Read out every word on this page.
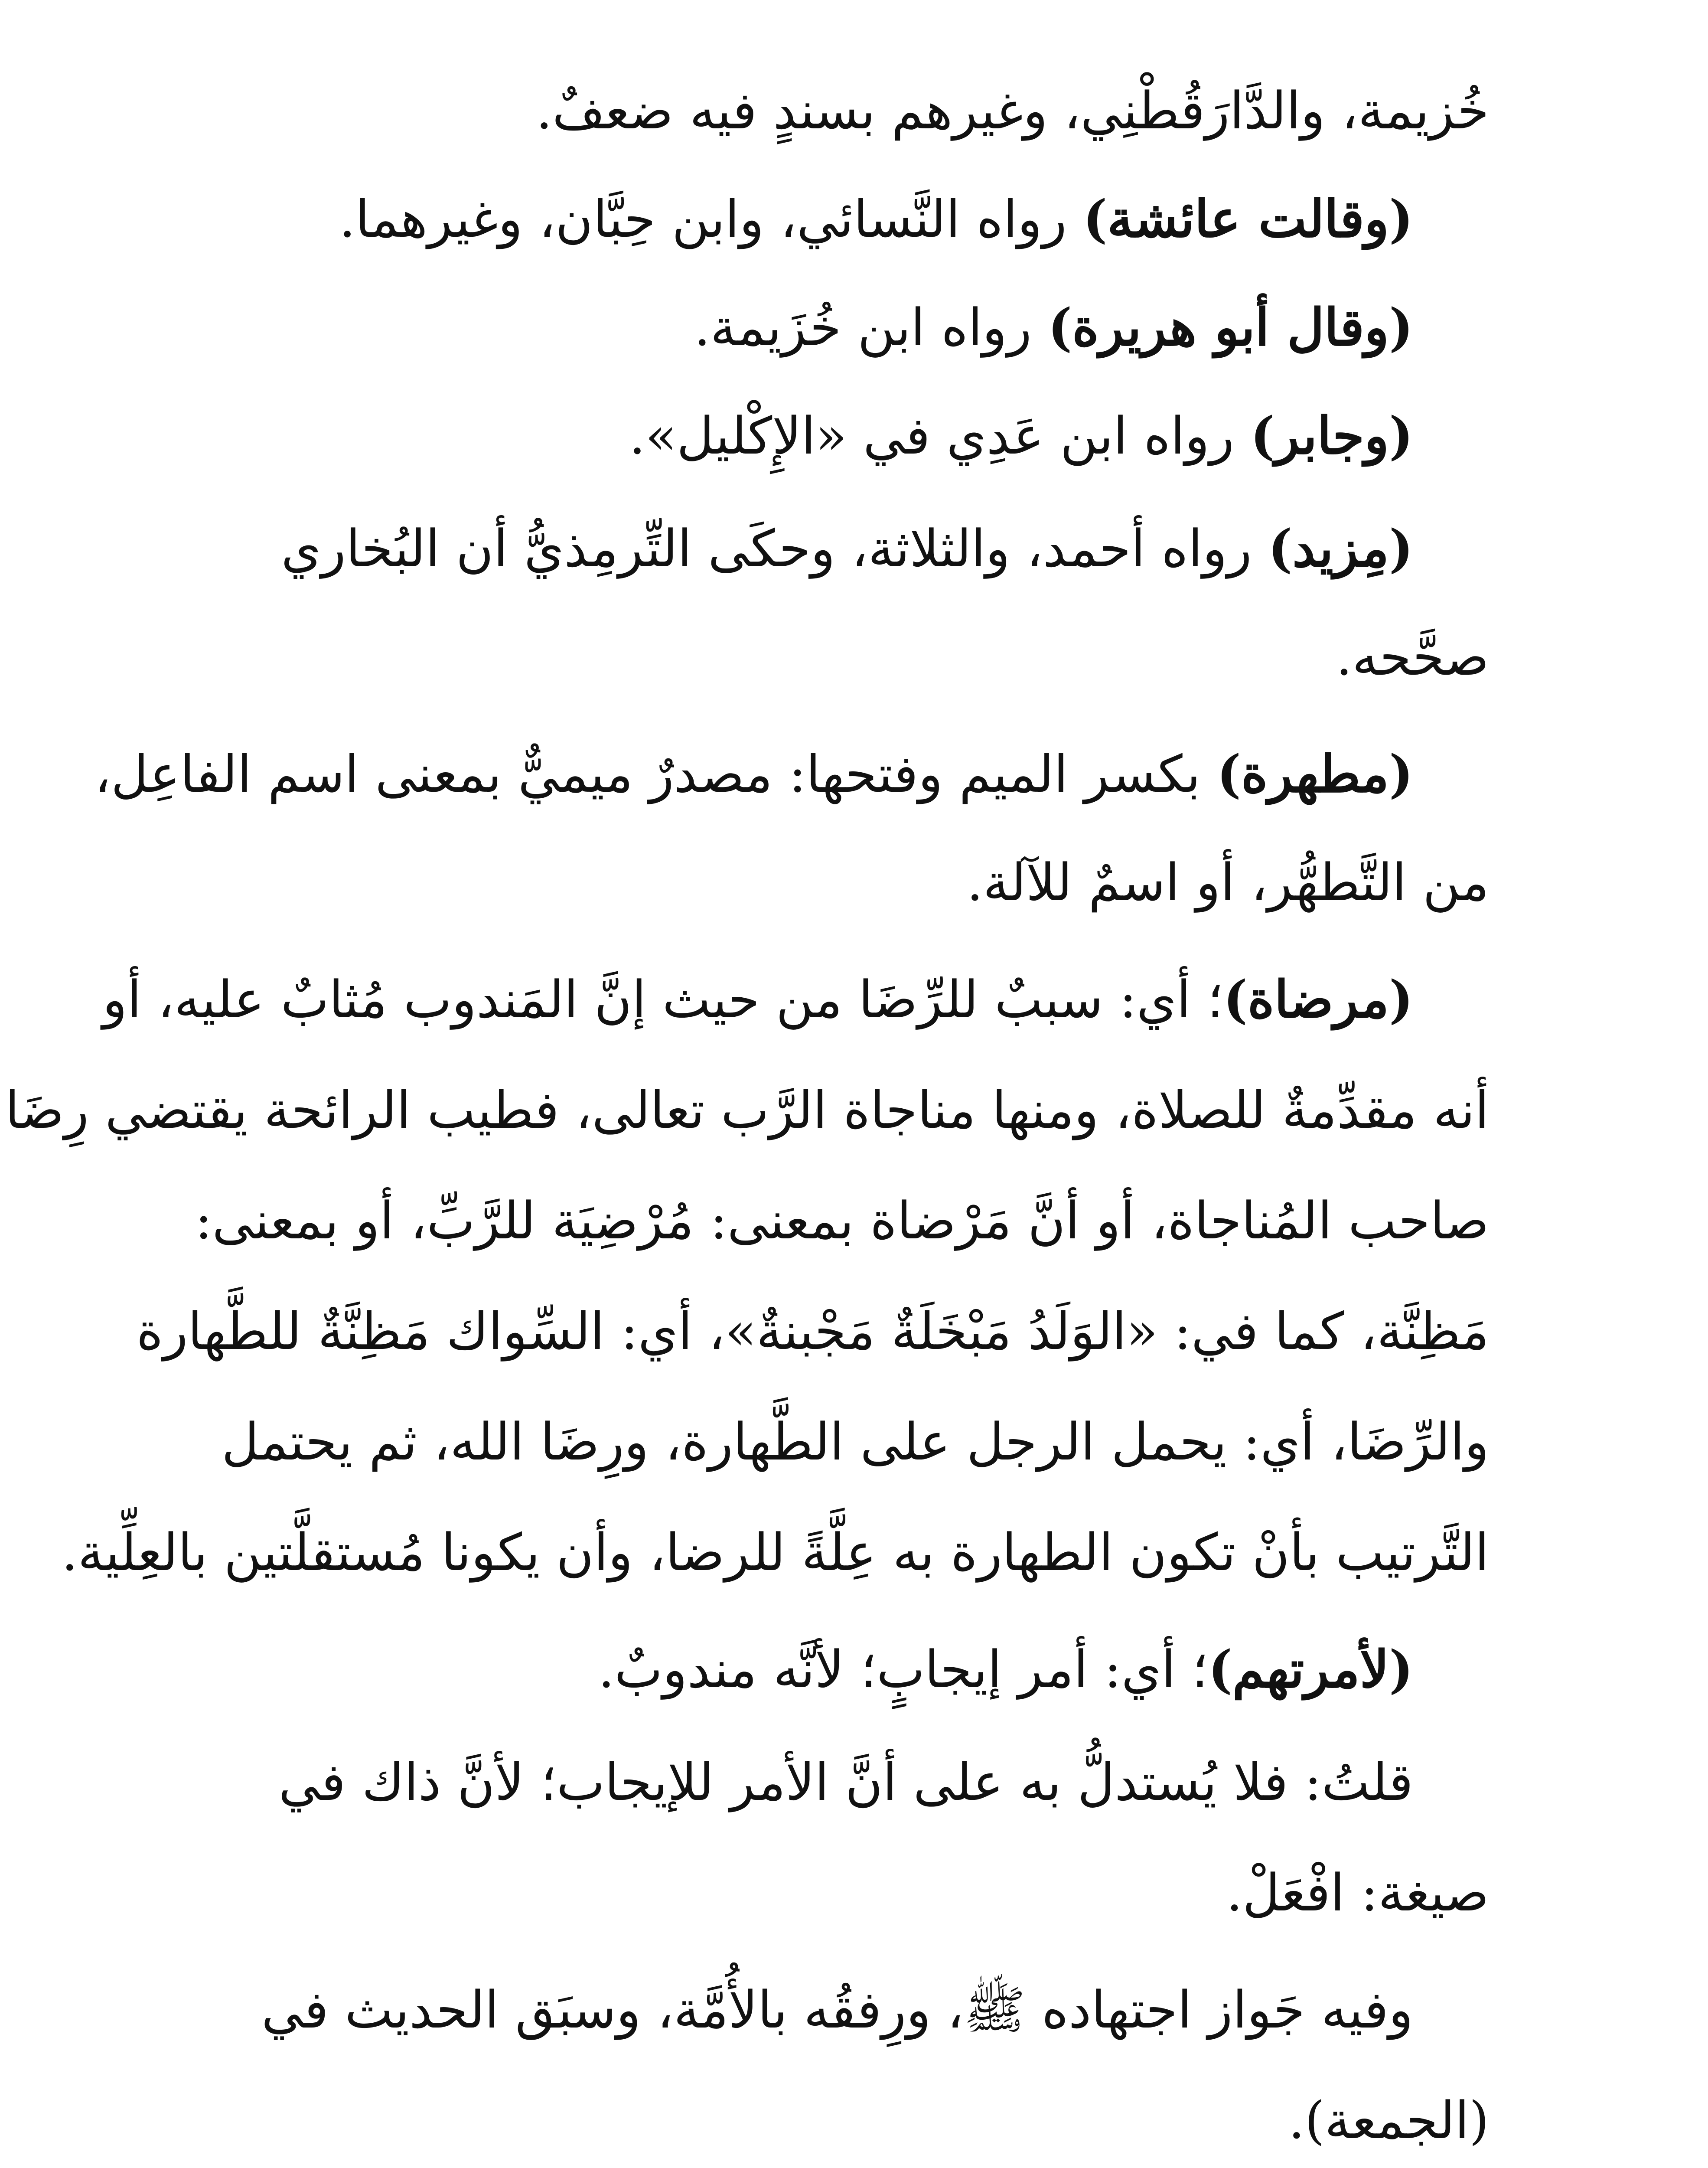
خُزيمة، والدَّارَقُطْنِي، وغيرهم بسندٍ فيه ضعفٌ.
(وقالت عائشة) رواه النَّسائي، وابن حِبَّان، وغيرهما.
(وقال أبو هريرة) رواه ابن خُزَيمة.
(وجابر) رواه ابن عَدِي في «الإِكْليل».
(مِزيد) رواه أحمد، والثلاثة، وحكَى التِّرمِذيُّ أن البُخاري
صحَّحه.
(مطهرة) بكسر الميم وفتحها: مصدرٌ ميميٌّ بمعنى اسم الفاعِل،
من التَّطهُّر، أو اسمٌ للآلة.
(مرضاة)؛ أي: سببٌ للرِّضَا من حيث إنَّ المَندوب مُثابٌ عليه، أو
أنه مقدِّمةٌ للصلاة، ومنها مناجاة الرَّب تعالى، فطيب الرائحة يقتضي رِضَا
صاحب المُناجاة، أو أنَّ مَرْضاة بمعنى: مُرْضِيَة للرَّبِّ، أو بمعنى:
مَظِنَّة، كما في: «الوَلَدُ مَبْخَلَةٌ مَجْبنةٌ»، أي: السِّواك مَظِنَّةٌ للطَّهارة
والرِّضَا، أي: يحمل الرجل على الطَّهارة، ورِضَا الله، ثم يحتمل
التَّرتيب بأنْ تكون الطهارة به عِلَّةً للرضا، وأن يكونا مُستقلَّتين بالعِلِّية.
(لأمرتهم)؛ أي: أمر إيجابٍ؛ لأنَّه مندوبٌ.
قلتُ: فلا يُستدلُّ به على أنَّ الأمر للإيجاب؛ لأنَّ ذاك في
صيغة: افْعَلْ.
وفيه جَواز اجتهاده ﷺ، ورِفقُه بالأُمَّة، وسبَق الحديث في
(الجمعة).
